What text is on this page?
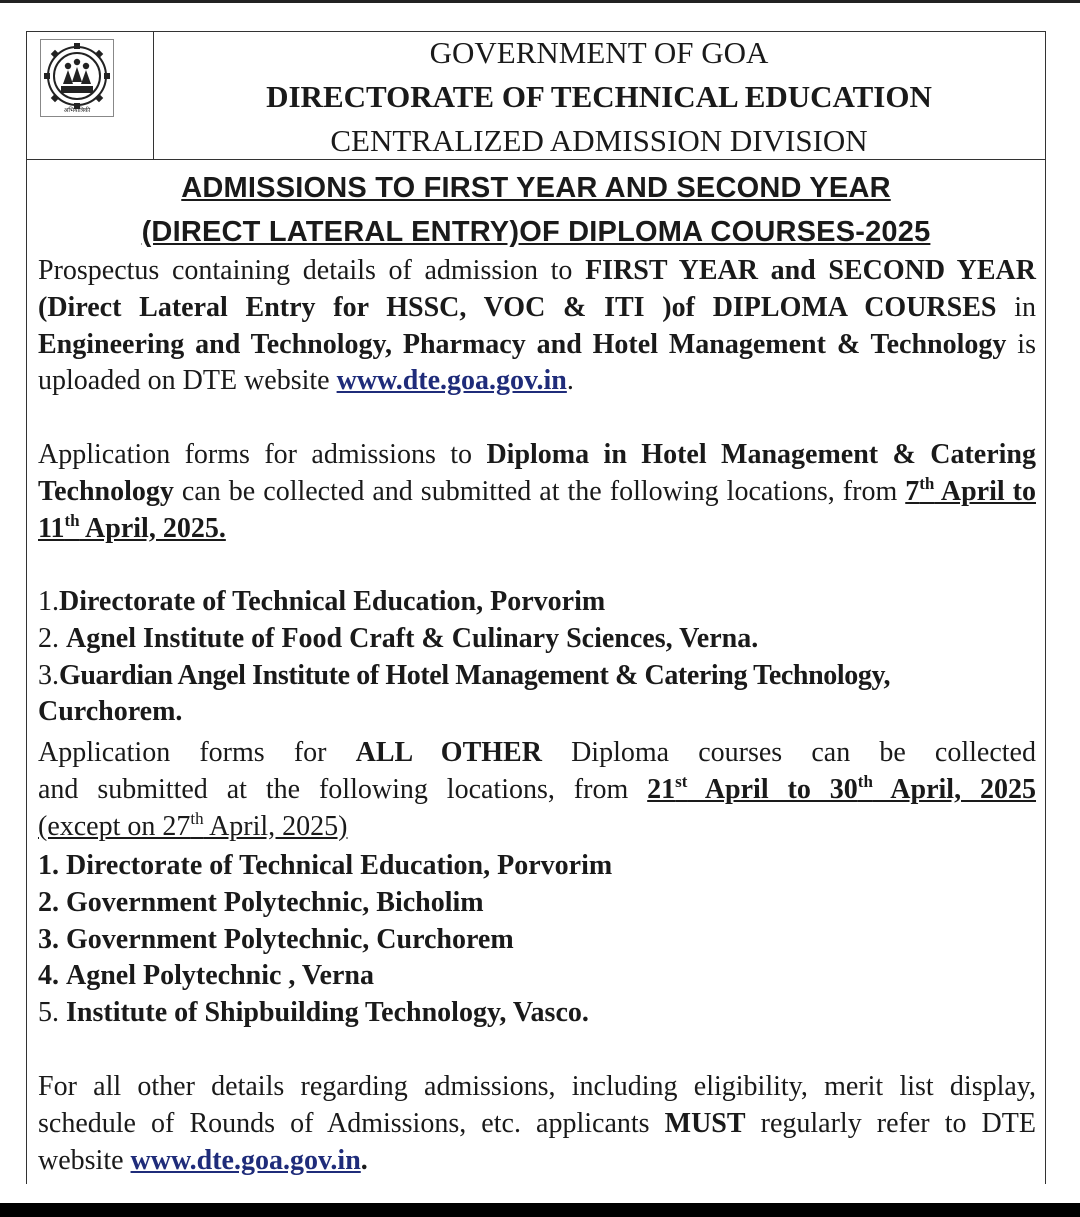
अभियांत्रिकी
GOVERNMENT OF GOA
DIRECTORATE OF TECHNICAL EDUCATION
CENTRALIZED ADMISSION DIVISION
ADMISSIONS TO FIRST YEAR AND SECOND YEAR
(DIRECT LATERAL ENTRY)OF DIPLOMA COURSES-2025
Prospectus containing details of admission to FIRST YEAR and SECOND YEAR (Direct Lateral Entry for HSSC, VOC & ITI )of DIPLOMA COURSES in Engineering and Technology, Pharmacy and Hotel Management & Technology is uploaded on DTE website www.dte.goa.gov.in.
Application forms for admissions to Diploma in Hotel Management & Catering Technology can be collected and submitted at the following locations, from 7th April to 11th April, 2025.
1.Directorate of Technical Education, Porvorim
2. Agnel Institute of Food Craft & Culinary Sciences, Verna.
3.Guardian Angel Institute of Hotel Management & Catering Technology,
Curchorem.
Application forms for ALL OTHER Diploma courses can be collected
and submitted at the following locations, from 21st April to 30th April, 2025
(except on 27th April, 2025)
1. Directorate of Technical Education, Porvorim
2. Government Polytechnic, Bicholim
3. Government Polytechnic, Curchorem
4. Agnel Polytechnic , Verna
5. Institute of Shipbuilding Technology, Vasco.
For all other details regarding admissions, including eligibility, merit list display, schedule of Rounds of Admissions, etc. applicants MUST regularly refer to DTE website www.dte.goa.gov.in.
